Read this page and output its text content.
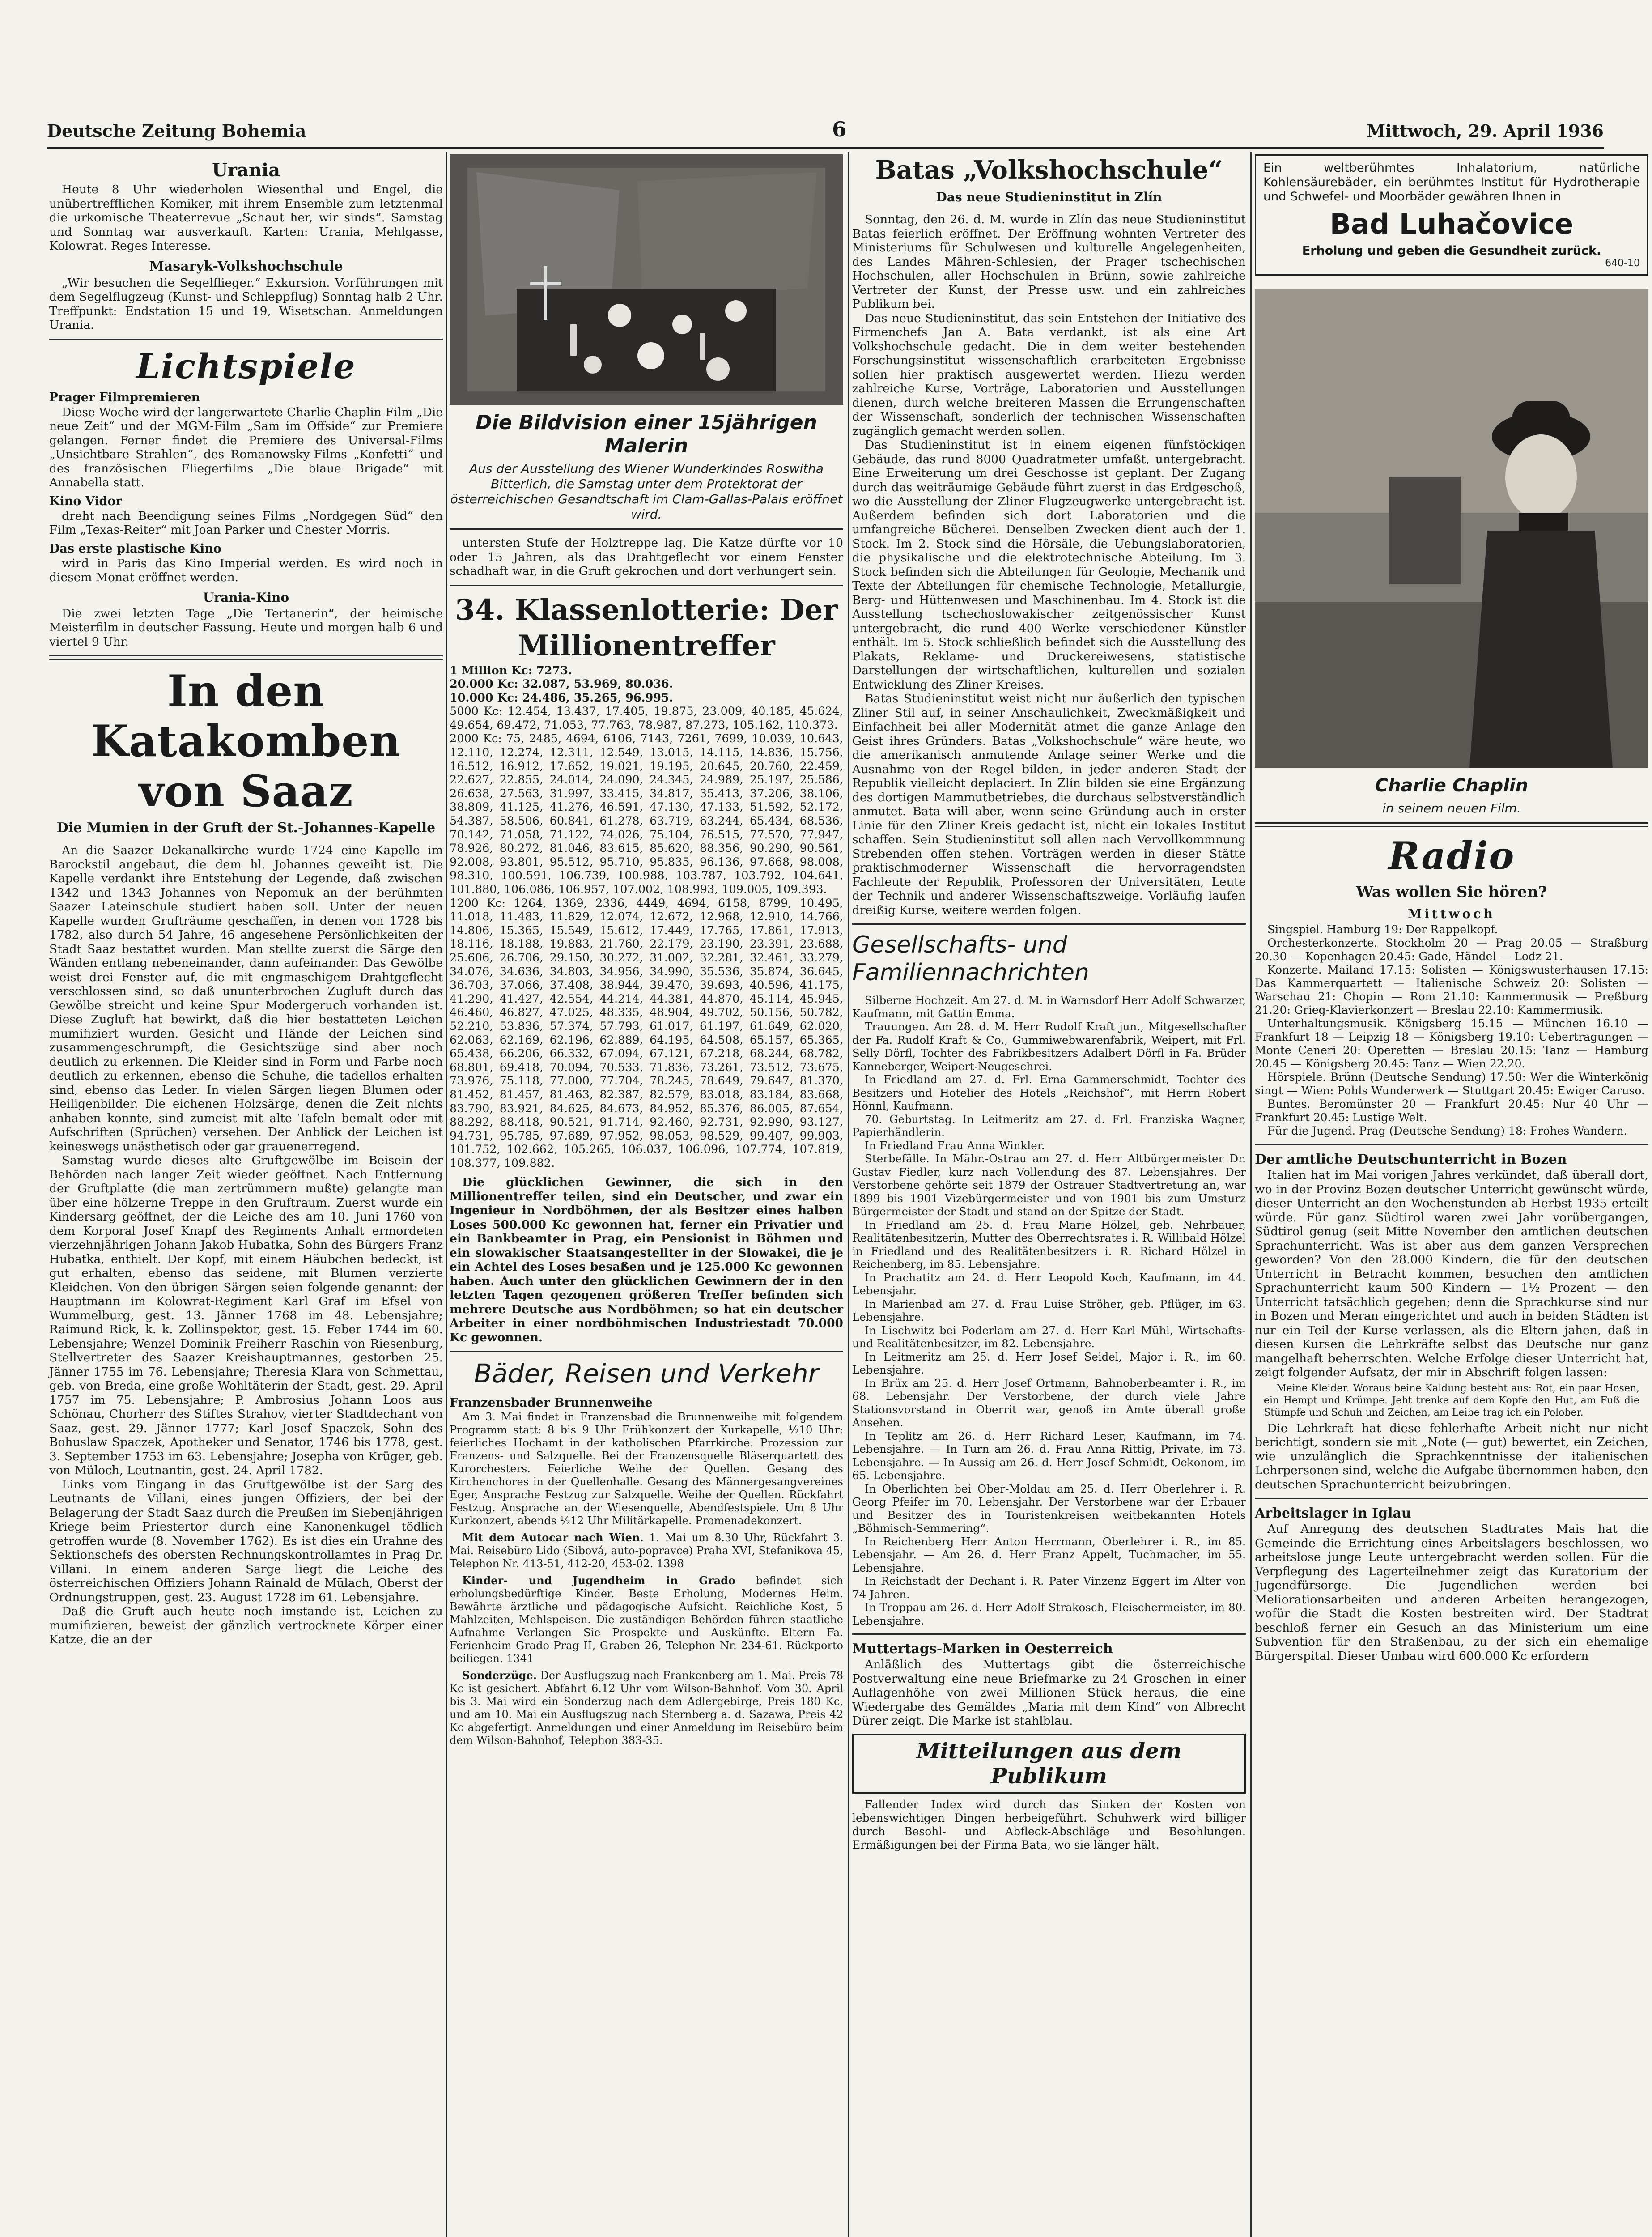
Deutsche Zeitung Bohemia	6	Mittwoch, 29. April 1936
Urania

Heute 8 Uhr wiederholen Wiesenthal und Engel, die unübertrefflichen Komiker, mit ihrem Ensemble zum letztenmal die urkomische Theaterrevue „Schaut her, wir sinds“. Samstag und Sonntag war ausverkauft. Karten: Urania, Mehlgasse, Kolowrat. Reges Interesse.

Masaryk-Volkshochschule

„Wir besuchen die Segelflieger.“ Exkursion. Vorführungen mit dem Segelflugzeug (Kunst- und Schleppflug) Sonntag halb 2 Uhr. Treffpunkt: Endstation 15 und 19, Wisetschan. Anmeldungen Urania.

Lichtspiele
Prager Filmpremieren

Diese Woche wird der langerwartete Charlie-Chaplin-Film „Die neue Zeit“ und der MGM-Film „Sam im Offside“ zur Premiere gelangen. Ferner findet die Premiere des Universal-Films „Unsichtbare Strahlen“, des Romanowsky-Films „Konfetti“ und des französischen Fliegerfilms „Die blaue Brigade“ mit Annabella statt.

Kino Vidor

dreht nach Beendigung seines Films „Nordgegen Süd“ den Film „Texas-Reiter“ mit Joan Parker und Chester Morris.

Das erste plastische Kino

wird in Paris das Kino Imperial werden. Es wird noch in diesem Monat eröffnet werden.

Urania-Kino

Die zwei letzten Tage „Die Tertanerin“, der heimische Meisterfilm in deutscher Fassung. Heute und morgen halb 6 und viertel 9 Uhr.

In den Katakomben von Saaz
Die Mumien in der Gruft der St.-Johannes-Kapelle

An die Saazer Dekanalkirche wurde 1724 eine Kapelle im Barockstil angebaut, die dem hl. Johannes geweiht ist. Die Kapelle verdankt ihre Entstehung der Legende, daß zwischen 1342 und 1343 Johannes von Nepomuk an der berühmten Saazer Lateinschule studiert haben soll. Unter der neuen Kapelle wurden Grufträume geschaffen, in denen von 1728 bis 1782, also durch 54 Jahre, 46 angesehene Persönlichkeiten der Stadt Saaz bestattet wurden. Man stellte zuerst die Särge den Wänden entlang nebeneinander, dann aufeinander. Das Gewölbe weist drei Fenster auf, die mit engmaschigem Drahtgeflecht verschlossen sind, so daß ununterbrochen Zugluft durch das Gewölbe streicht und keine Spur Modergeruch vorhanden ist. Diese Zugluft hat bewirkt, daß die hier bestatteten Leichen mumifiziert wurden. Gesicht und Hände der Leichen sind zusammengeschrumpft, die Gesichtszüge sind aber noch deutlich zu erkennen. Die Kleider sind in Form und Farbe noch deutlich zu erkennen, ebenso die Schuhe, die tadellos erhalten sind, ebenso das Leder. In vielen Särgen liegen Blumen oder Heiligenbilder. Die eichenen Holzsärge, denen die Zeit nichts anhaben konnte, sind zumeist mit alte Tafeln bemalt oder mit Aufschriften (Sprüchen) versehen. Der Anblick der Leichen ist keineswegs unästhetisch oder gar grauenerregend.

Samstag wurde dieses alte Gruftgewölbe im Beisein der Behörden nach langer Zeit wieder geöffnet. Nach Entfernung der Gruftplatte (die man zertrümmern mußte) gelangte man über eine hölzerne Treppe in den Gruftraum. Zuerst wurde ein Kindersarg geöffnet, der die Leiche des am 10. Juni 1760 von dem Korporal Josef Knapf des Regiments Anhalt ermordeten vierzehnjährigen Johann Jakob Hubatka, Sohn des Bürgers Franz Hubatka, enthielt. Der Kopf, mit einem Häubchen bedeckt, ist gut erhalten, ebenso das seidene, mit Blumen verzierte Kleidchen. Von den übrigen Särgen seien folgende genannt: der Hauptmann im Kolowrat-Regiment Karl Graf im Efsel von Wummelburg, gest. 13. Jänner 1768 im 48. Lebensjahre; Raimund Rick, k. k. Zollinspektor, gest. 15. Feber 1744 im 60. Lebensjahre; Wenzel Dominik Freiherr Raschin von Riesenburg, Stellvertreter des Saazer Kreishauptmannes, gestorben 25. Jänner 1755 im 76. Lebensjahre; Theresia Klara von Schmettau, geb. von Breda, eine große Wohltäterin der Stadt, gest. 29. April 1757 im 75. Lebensjahre; P. Ambrosius Johann Loos aus Schönau, Chorherr des Stiftes Strahov, vierter Stadtdechant von Saaz, gest. 29. Jänner 1777; Karl Josef Spaczek, Sohn des Bohuslaw Spaczek, Apotheker und Senator, 1746 bis 1778, gest. 3. September 1753 im 63. Lebensjahre; Josepha von Krüger, geb. von Müloch, Leutnantin, gest. 24. April 1782.

Links vom Eingang in das Gruftgewölbe ist der Sarg des Leutnants de Villani, eines jungen Offiziers, der bei der Belagerung der Stadt Saaz durch die Preußen im Siebenjährigen Kriege beim Priestertor durch eine Kanonenkugel tödlich getroffen wurde (8. November 1762). Es ist dies ein Urahne des Sektionschefs des obersten Rechnungskontrollamtes in Prag Dr. Villani. In einem anderen Sarge liegt die Leiche des österreichischen Offiziers Johann Rainald de Mülach, Oberst der Ordnungstruppen, gest. 23. August 1728 im 61. Lebensjahre.

Daß die Gruft auch heute noch imstande ist, Leichen zu mumifizieren, beweist der gänzlich vertrocknete Körper einer Katze, die an der

Die Bildvision einer 15jährigen Malerin
Aus der Ausstellung des Wiener Wunderkindes Roswitha Bitterlich, die Samstag unter dem Protektorat der österreichischen Gesandtschaft im Clam-Gallas-Palais eröffnet wird.

untersten Stufe der Holztreppe lag. Die Katze dürfte vor 10 oder 15 Jahren, als das Drahtgeflecht vor einem Fenster schadhaft war, in die Gruft gekrochen und dort verhungert sein.

34. Klassenlotterie: Der Millionentreffer

1 Million Kc: 7273.

20.000 Kc: 32.087, 53.969, 80.036.

10.000 Kc: 24.486, 35.265, 96.995.

5000 Kc: 12.454, 13.437, 17.405, 19.875, 23.009, 40.185, 45.624, 49.654, 69.472, 71.053, 77.763, 78.987, 87.273, 105.162, 110.373.

2000 Kc: 75, 2485, 4694, 6106, 7143, 7261, 7699, 10.039, 10.643, 12.110, 12.274, 12.311, 12.549, 13.015, 14.115, 14.836, 15.756, 16.512, 16.912, 17.652, 19.021, 19.195, 20.645, 20.760, 22.459, 22.627, 22.855, 24.014, 24.090, 24.345, 24.989, 25.197, 25.586, 26.638, 27.563, 31.997, 33.415, 34.817, 35.413, 37.206, 38.106, 38.809, 41.125, 41.276, 46.591, 47.130, 47.133, 51.592, 52.172, 54.387, 58.506, 60.841, 61.278, 63.719, 63.244, 65.434, 68.536, 70.142, 71.058, 71.122, 74.026, 75.104, 76.515, 77.570, 77.947, 78.926, 80.272, 81.046, 83.615, 85.620, 88.356, 90.290, 90.561, 92.008, 93.801, 95.512, 95.710, 95.835, 96.136, 97.668, 98.008, 98.310, 100.591, 106.739, 100.988, 103.787, 103.792, 104.641, 101.880, 106.086, 106.957, 107.002, 108.993, 109.005, 109.393.

1200 Kc: 1264, 1369, 2336, 4449, 4694, 6158, 8799, 10.495, 11.018, 11.483, 11.829, 12.074, 12.672, 12.968, 12.910, 14.766, 14.806, 15.365, 15.549, 15.612, 17.449, 17.765, 17.861, 17.913, 18.116, 18.188, 19.883, 21.760, 22.179, 23.190, 23.391, 23.688, 25.606, 26.706, 29.150, 30.272, 31.002, 32.281, 32.461, 33.279, 34.076, 34.636, 34.803, 34.956, 34.990, 35.536, 35.874, 36.645, 36.703, 37.066, 37.408, 38.944, 39.470, 39.693, 40.596, 41.175, 41.290, 41.427, 42.554, 44.214, 44.381, 44.870, 45.114, 45.945, 46.460, 46.827, 47.025, 48.335, 48.904, 49.702, 50.156, 50.782, 52.210, 53.836, 57.374, 57.793, 61.017, 61.197, 61.649, 62.020, 62.063, 62.169, 62.196, 62.889, 64.195, 64.508, 65.157, 65.365, 65.438, 66.206, 66.332, 67.094, 67.121, 67.218, 68.244, 68.782, 68.801, 69.418, 70.094, 70.533, 71.836, 73.261, 73.512, 73.675, 73.976, 75.118, 77.000, 77.704, 78.245, 78.649, 79.647, 81.370, 81.452, 81.457, 81.463, 82.387, 82.579, 83.018, 83.184, 83.668, 83.790, 83.921, 84.625, 84.673, 84.952, 85.376, 86.005, 87.654, 88.292, 88.418, 90.521, 91.714, 92.460, 92.731, 92.990, 93.127, 94.731, 95.785, 97.689, 97.952, 98.053, 98.529, 99.407, 99.903, 101.752, 102.662, 105.265, 106.037, 106.096, 107.774, 107.819, 108.377, 109.882.

Die glücklichen Gewinner, die sich in den Millionentreffer teilen, sind ein Deutscher, und zwar ein Ingenieur in Nordböhmen, der als Besitzer eines halben Loses 500.000 Kc gewonnen hat, ferner ein Privatier und ein Bankbeamter in Prag, ein Pensionist in Böhmen und ein slowakischer Staatsangestellter in der Slowakei, die je ein Achtel des Loses besaßen und je 125.000 Kc gewonnen haben. Auch unter den glücklichen Gewinnern der in den letzten Tagen gezogenen größeren Treffer befinden sich mehrere Deutsche aus Nordböhmen; so hat ein deutscher Arbeiter in einer nordböhmischen Industriestadt 70.000 Kc gewonnen.

Bäder, Reisen und Verkehr
Franzensbader Brunnenweihe

Am 3. Mai findet in Franzensbad die Brunnenweihe mit folgendem Programm statt: 8 bis 9 Uhr Frühkonzert der Kurkapelle, ½10 Uhr: feierliches Hochamt in der katholischen Pfarrkirche. Prozession zur Franzens- und Salzquelle. Bei der Franzensquelle Bläserquartett des Kurorchesters. Feierliche Weihe der Quellen. Gesang des Kirchenchores in der Quellenhalle. Gesang des Männergesangvereines Eger, Ansprache Festzug zur Salzquelle. Weihe der Quellen. Rückfahrt Festzug. Ansprache an der Wiesenquelle, Abendfestspiele. Um 8 Uhr Kurkonzert, abends ½12 Uhr Militärkapelle. Promenadekonzert.

Mit dem Autocar nach Wien. 1. Mai um 8.30 Uhr, Rückfahrt 3. Mai. Reisebüro Lido (Sibová, auto-popravce) Praha XVI, Stefanikova 45, Telephon Nr. 413-51, 412-20, 453-02. 1398

Kinder- und Jugendheim in Grado befindet sich erholungsbedürftige Kinder. Beste Erholung, Modernes Heim. Bewährte ärztliche und pädagogische Aufsicht. Reichliche Kost, 5 Mahlzeiten, Mehlspeisen. Die zuständigen Behörden führen staatliche Aufnahme Verlangen Sie Prospekte und Auskünfte. Eltern Fa. Ferienheim Grado Prag II, Graben 26, Telephon Nr. 234-61. Rückporto beiliegen. 1341

Sonderzüge. Der Ausflugszug nach Frankenberg am 1. Mai. Preis 78 Kc ist gesichert. Abfahrt 6.12 Uhr vom Wilson-Bahnhof. Vom 30. April bis 3. Mai wird ein Sonderzug nach dem Adlergebirge, Preis 180 Kc, und am 10. Mai ein Ausflugszug nach Sternberg a. d. Sazawa, Preis 42 Kc abgefertigt. Anmeldungen und einer Anmeldung im Reisebüro beim dem Wilson-Bahnhof, Telephon 383-35.

Batas „Volkshochschule“
Das neue Studieninstitut in Zlín

Sonntag, den 26. d. M. wurde in Zlín das neue Studieninstitut Batas feierlich eröffnet. Der Eröffnung wohnten Vertreter des Ministeriums für Schulwesen und kulturelle Angelegenheiten, des Landes Mähren-Schlesien, der Prager tschechischen Hochschulen, aller Hochschulen in Brünn, sowie zahlreiche Vertreter der Kunst, der Presse usw. und ein zahlreiches Publikum bei.

Das neue Studieninstitut, das sein Entstehen der Initiative des Firmenchefs Jan A. Bata verdankt, ist als eine Art Volkshochschule gedacht. Die in dem weiter bestehenden Forschungsinstitut wissenschaftlich erarbeiteten Ergebnisse sollen hier praktisch ausgewertet werden. Hiezu werden zahlreiche Kurse, Vorträge, Laboratorien und Ausstellungen dienen, durch welche breiteren Massen die Errungenschaften der Wissenschaft, sonderlich der technischen Wissenschaften zugänglich gemacht werden sollen.

Das Studieninstitut ist in einem eigenen fünfstöckigen Gebäude, das rund 8000 Quadratmeter umfaßt, untergebracht. Eine Erweiterung um drei Geschosse ist geplant. Der Zugang durch das weiträumige Gebäude führt zuerst in das Erdgeschoß, wo die Ausstellung der Zliner Flugzeugwerke untergebracht ist. Außerdem befinden sich dort Laboratorien und die umfangreiche Bücherei. Denselben Zwecken dient auch der 1. Stock. Im 2. Stock sind die Hörsäle, die Uebungslaboratorien, die physikalische und die elektrotechnische Abteilung. Im 3. Stock befinden sich die Abteilungen für Geologie, Mechanik und Texte der Abteilungen für chemische Technologie, Metallurgie, Berg- und Hüttenwesen und Maschinenbau. Im 4. Stock ist die Ausstellung tschechoslowakischer zeitgenössischer Kunst untergebracht, die rund 400 Werke verschiedener Künstler enthält. Im 5. Stock schließlich befindet sich die Ausstellung des Plakats, Reklame- und Druckereiwesens, statistische Darstellungen der wirtschaftlichen, kulturellen und sozialen Entwicklung des Zliner Kreises.

Batas Studieninstitut weist nicht nur äußerlich den typischen Zliner Stil auf, in seiner Anschaulichkeit, Zweckmäßigkeit und Einfachheit bei aller Modernität atmet die ganze Anlage den Geist ihres Gründers. Batas „Volkshochschule“ wäre heute, wo die amerikanisch anmutende Anlage seiner Werke und die Ausnahme von der Regel bilden, in jeder anderen Stadt der Republik vielleicht deplaciert. In Zlín bilden sie eine Ergänzung des dortigen Mammutbetriebes, die durchaus selbstverständlich anmutet. Bata will aber, wenn seine Gründung auch in erster Linie für den Zliner Kreis gedacht ist, nicht ein lokales Institut schaffen. Sein Studieninstitut soll allen nach Vervollkommnung Strebenden offen stehen. Vorträgen werden in dieser Stätte praktischmoderner Wissenschaft die hervorragendsten Fachleute der Republik, Professoren der Universitäten, Leute der Technik und anderer Wissenschaftszweige. Vorläufig laufen dreißig Kurse, weitere werden folgen.

Gesellschafts- und Familiennachrichten

Silberne Hochzeit. Am 27. d. M. in Warnsdorf Herr Adolf Schwarzer, Kaufmann, mit Gattin Emma.

Trauungen. Am 28. d. M. Herr Rudolf Kraft jun., Mitgesellschafter der Fa. Rudolf Kraft & Co., Gummiwebwarenfabrik, Weipert, mit Frl. Selly Dörfl, Tochter des Fabrikbesitzers Adalbert Dörfl in Fa. Brüder Kanneberger, Weipert-Neugeschrei.

In Friedland am 27. d. Frl. Erna Gammerschmidt, Tochter des Besitzers und Hotelier des Hotels „Reichshof“, mit Herrn Robert Hönnl, Kaufmann.

70. Geburtstag. In Leitmeritz am 27. d. Frl. Franziska Wagner, Papierhändlerin.

In Friedland Frau Anna Winkler.

Sterbefälle. In Mähr.-Ostrau am 27. d. Herr Altbürgermeister Dr. Gustav Fiedler, kurz nach Vollendung des 87. Lebensjahres. Der Verstorbene gehörte seit 1879 der Ostrauer Stadtvertretung an, war 1899 bis 1901 Vizebürgermeister und von 1901 bis zum Umsturz Bürgermeister der Stadt und stand an der Spitze der Stadt.

In Friedland am 25. d. Frau Marie Hölzel, geb. Nehrbauer, Realitätenbesitzerin, Mutter des Oberrechtsrates i. R. Willibald Hölzel in Friedland und des Realitätenbesitzers i. R. Richard Hölzel in Reichenberg, im 85. Lebensjahre.

In Prachatitz am 24. d. Herr Leopold Koch, Kaufmann, im 44. Lebensjahr.

In Marienbad am 27. d. Frau Luise Ströher, geb. Pflüger, im 63. Lebensjahre.

In Lischwitz bei Poderlam am 27. d. Herr Karl Mühl, Wirtschafts- und Realitätenbesitzer, im 82. Lebensjahre.

In Leitmeritz am 25. d. Herr Josef Seidel, Major i. R., im 60. Lebensjahre.

In Brüx am 25. d. Herr Josef Ortmann, Bahnoberbeamter i. R., im 68. Lebensjahr. Der Verstorbene, der durch viele Jahre Stationsvorstand in Oberrit war, genoß im Amte überall große Ansehen.

In Teplitz am 26. d. Herr Richard Leser, Kaufmann, im 74. Lebensjahre. — In Turn am 26. d. Frau Anna Rittig, Private, im 73. Lebensjahre. — In Aussig am 26. d. Herr Josef Schmidt, Oekonom, im 65. Lebensjahre.

In Oberlichten bei Ober-Moldau am 25. d. Herr Oberlehrer i. R. Georg Pfeifer im 70. Lebensjahr. Der Verstorbene war der Erbauer und Besitzer des in Touristenkreisen weitbekannten Hotels „Böhmisch-Semmering“.

In Reichenberg Herr Anton Herrmann, Oberlehrer i. R., im 85. Lebensjahr. — Am 26. d. Herr Franz Appelt, Tuchmacher, im 55. Lebensjahre.

In Reichstadt der Dechant i. R. Pater Vinzenz Eggert im Alter von 74 Jahren.

In Troppau am 26. d. Herr Adolf Strakosch, Fleischermeister, im 80. Lebensjahre.

Muttertags-Marken in Oesterreich

Anläßlich des Muttertags gibt die österreichische Postverwaltung eine neue Briefmarke zu 24 Groschen in einer Auflagenhöhe von zwei Millionen Stück heraus, die eine Wiedergabe des Gemäldes „Maria mit dem Kind“ von Albrecht Dürer zeigt. Die Marke ist stahlblau.

Mitteilungen aus dem Publikum

Fallender Index wird durch das Sinken der Kosten von lebenswichtigen Dingen herbeigeführt. Schuhwerk wird billiger durch Besohl- und Abfleck-Abschläge und Besohlungen. Ermäßigungen bei der Firma Bata, wo sie länger hält.

Ein weltberühmtes Inhalatorium, natürliche Kohlensäurebäder, ein berühmtes Institut für Hydrotherapie und Schwefel- und Moorbäder gewähren Ihnen in
Bad Luhačovice
Erholung und geben die Gesundheit zurück.
640-10
Charlie Chaplin
in seinem neuen Film.
Radio
Was wollen Sie hören?
Mittwoch

Singspiel. Hamburg 19: Der Rappelkopf.

Orchesterkonzerte. Stockholm 20 — Prag 20.05 — Straßburg 20.30 — Kopenhagen 20.45: Gade, Händel — Lodz 21.

Konzerte. Mailand 17.15: Solisten — Königswusterhausen 17.15: Das Kammerquartett — Italienische Schweiz 20: Solisten — Warschau 21: Chopin — Rom 21.10: Kammermusik — Preßburg 21.20: Grieg-Klavierkonzert — Breslau 22.10: Kammermusik.

Unterhaltungsmusik. Königsberg 15.15 — München 16.10 — Frankfurt 18 — Leipzig 18 — Königsberg 19.10: Uebertragungen — Monte Ceneri 20: Operetten — Breslau 20.15: Tanz — Hamburg 20.45 — Königsberg 20.45: Tanz — Wien 22.20.

Hörspiele. Brünn (Deutsche Sendung) 17.50: Wer die Winterkönig singt — Wien: Pohls Wunderwerk — Stuttgart 20.45: Ewiger Caruso.

Buntes. Beromünster 20 — Frankfurt 20.45: Nur 40 Uhr — Frankfurt 20.45: Lustige Welt.

Für die Jugend. Prag (Deutsche Sendung) 18: Frohes Wandern.

Der amtliche Deutschunterricht in Bozen

Italien hat im Mai vorigen Jahres verkündet, daß überall dort, wo in der Provinz Bozen deutscher Unterricht gewünscht würde, dieser Unterricht an den Wochenstunden ab Herbst 1935 erteilt würde. Für ganz Südtirol waren zwei Jahr vorübergangen, Südtirol genug (seit Mitte November den amtlichen deutschen Sprachunterricht. Was ist aber aus dem ganzen Versprechen geworden? Von den 28.000 Kindern, die für den deutschen Unterricht in Betracht kommen, besuchen den amtlichen Sprachunterricht kaum 500 Kindern — 1½ Prozent — den Unterricht tatsächlich gegeben; denn die Sprachkurse sind nur in Bozen und Meran eingerichtet und auch in beiden Städten ist nur ein Teil der Kurse verlassen, als die Eltern jahen, daß in diesen Kursen die Lehrkräfte selbst das Deutsche nur ganz mangelhaft beherrschten. Welche Erfolge dieser Unterricht hat, zeigt folgender Aufsatz, der mir in Abschrift folgen lassen:

Meine Kleider. Woraus beine Kaldung besteht aus: Rot, ein paar Hosen, ein Hempt und Krümpe. Jeht trenke auf dem Kopfe den Hut, am Fuß die Stümpfe und Schuh und Zeichen, am Leibe trag ich ein Polober.

Die Lehrkraft hat diese fehlerhafte Arbeit nicht nur nicht berichtigt, sondern sie mit „Note (— gut) bewertet, ein Zeichen, wie unzulänglich die Sprachkenntnisse der italienischen Lehrpersonen sind, welche die Aufgabe übernommen haben, den deutschen Sprachunterricht beizubringen.

Arbeitslager in Iglau

Auf Anregung des deutschen Stadtrates Mais hat die Gemeinde die Errichtung eines Arbeitslagers beschlossen, wo arbeitslose junge Leute untergebracht werden sollen. Für die Verpflegung des Lagerteilnehmer zeigt das Kuratorium der Jugendfürsorge. Die Jugendlichen werden bei Meliorationsarbeiten und anderen Arbeiten herangezogen, wofür die Stadt die Kosten bestreiten wird. Der Stadtrat beschloß ferner ein Gesuch an das Ministerium um eine Subvention für den Straßenbau, zu der sich ein ehemalige Bürgerspital. Dieser Umbau wird 600.000 Kc erfordern
